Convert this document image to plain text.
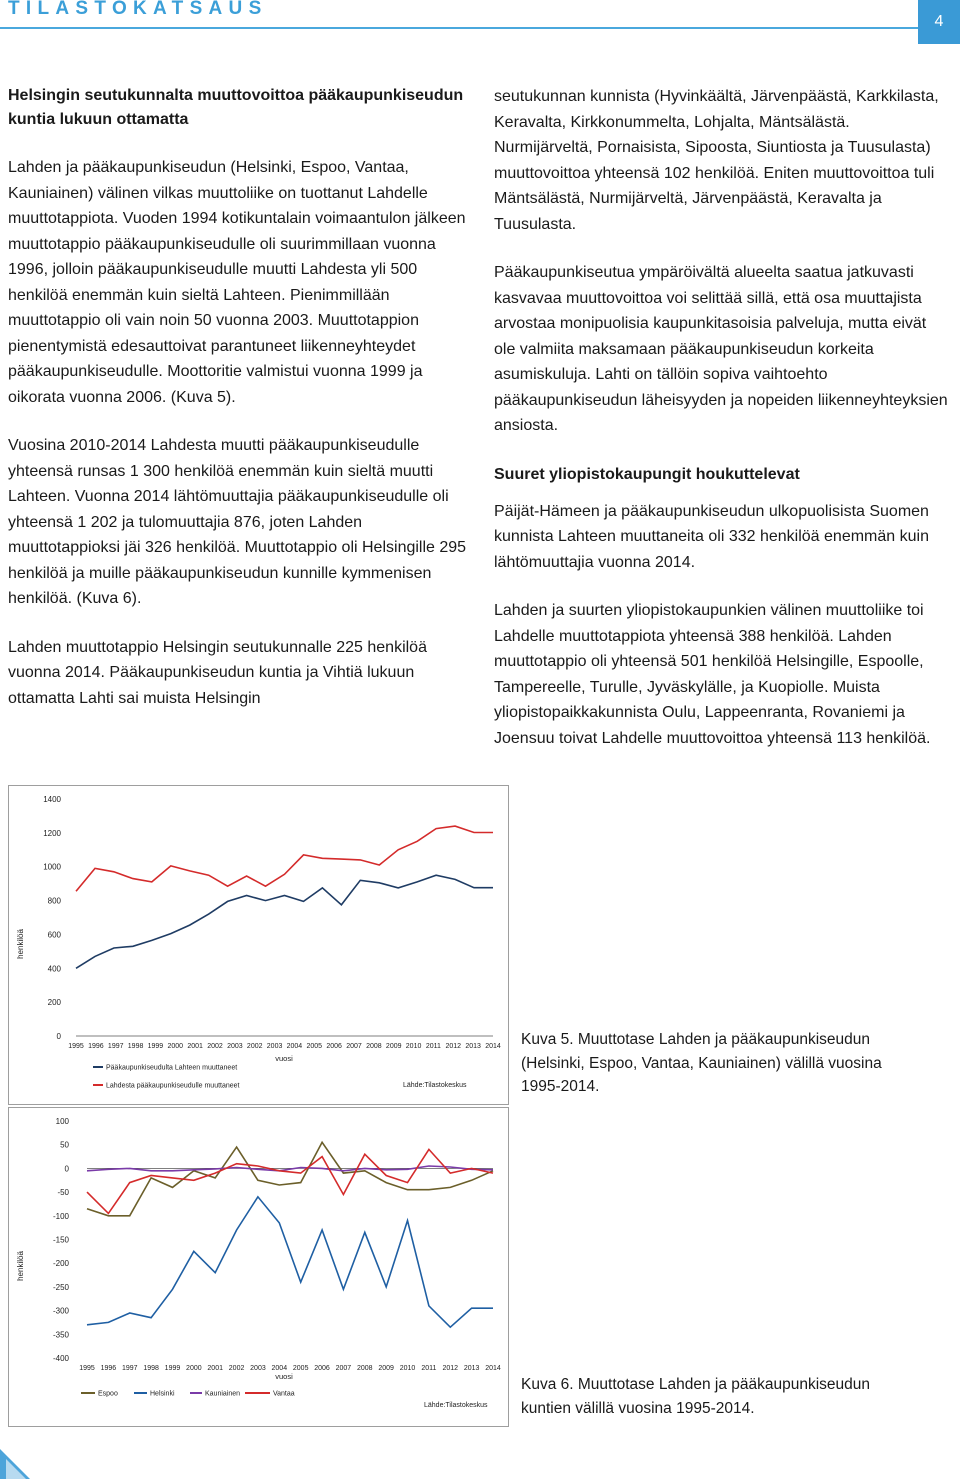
TILASTOKATSAUS
4
Helsingin seutukunnalta muuttovoittoa pääkaupunkiseudun kuntia lukuun ottamatta

Lahden ja pääkaupunkiseudun (Helsinki, Espoo, Vantaa, Kauniainen) välinen vilkas muuttoliike on tuottanut Lahdelle muuttotappiota. Vuoden 1994 kotikuntalain voimaantulon jälkeen muuttotappio pääkaupunkiseudulle oli suurimmillaan vuonna 1996, jolloin pääkaupunkiseudulle muutti Lahdesta yli 500 henkilöä enemmän kuin sieltä Lahteen. Pienimmillään muuttotappio oli vain noin 50 vuonna 2003. Muuttotappion pienentymistä edesauttoivat parantuneet liikenneyhteydet pääkaupunkiseudulle. Moottoritie valmistui vuonna 1999 ja oikorata vuonna 2006. (Kuva 5).

Vuosina 2010-2014 Lahdesta muutti pääkaupunkiseudulle yhteensä runsas 1 300 henkilöä enemmän kuin sieltä muutti Lahteen. Vuonna 2014 lähtömuuttajia pääkaupunkiseudulle oli yhteensä 1 202 ja tulomuuttajia 876, joten Lahden muuttotappioksi jäi 326 henkilöä. Muuttotappio oli Helsingille 295 henkilöä ja muille pääkaupunkiseudun kunnille kymmenisen henkilöä. (Kuva 6).

Lahden muuttotappio Helsingin seutukunnalle 225 henkilöä vuonna 2014. Pääkaupunkiseudun kuntia ja Vihtiä lukuun ottamatta Lahti sai muista Helsingin

seutukunnan kunnista (Hyvinkäältä, Järvenpäästä, Karkkilasta, Keravalta, Kirkkonummelta, Lohjalta, Mäntsälästä. Nurmijärveltä, Pornaisista, Sipoosta, Siuntiosta ja Tuusulasta) muuttovoittoa yhteensä 102 henkilöä. Eniten muuttovoittoa tuli Mäntsälästä, Nurmijärveltä, Järvenpäästä, Keravalta ja Tuusulasta.

Pääkaupunkiseutua ympäröivältä alueelta saatua jatkuvasti kasvavaa muuttovoittoa voi selittää sillä, että osa muuttajista arvostaa monipuolisia kaupunkitasoisia palveluja, mutta eivät ole valmiita maksamaan pääkaupunkiseudun korkeita asumiskuluja. Lahti on tällöin sopiva vaihtoehto pääkaupunkiseudun läheisyyden ja nopeiden liikenneyhteyksien ansiosta.

Suuret yliopistokaupungit houkuttelevat

Päijät-Hämeen ja pääkaupunkiseudun ulkopuolisista Suomen kunnista Lahteen muuttaneita oli 332 henkilöä enemmän kuin lähtömuuttajia vuonna 2014.

Lahden ja suurten yliopistokaupunkien välinen muuttoliike toi Lahdelle muuttotappiota yhteensä 388 henkilöä. Lahden muuttotappio oli yhteensä 501 henkilöä Helsingille, Espoolle, Tampereelle, Turulle, Jyväskylälle, ja Kuopiolle. Muista yliopistopaikkakunnista Oulu, Lappeenranta, Rovaniemi ja Joensuu toivat Lahdelle muuttovoittoa yhteensä 113 henkilöä.

0
200
400
600
800
1000
1200
1400
henkilöä
1995 1996 1997 1998 1999 2000 2001 2002 2003 2002 2003 2004 2005 2006 2007 2008 2009 2010 2011 2012 2013 2014
vuosi
Pääkaupunkiseudulta Lahteen muuttaneet
Lahdesta pääkaupunkiseudulle muuttaneet	Lähde:Tilastokeskus
Kuva 5. Muuttotase Lahden ja pääkaupunkiseudun (Helsinki, Espoo, Vantaa, Kauniainen) välillä vuosina 1995-2014.
-400
-350
-300
-250
-200
-150
-100
-50
0
50
100
henkilöä
1995 1996 1997 1998 1999 2000 2001 2002 2003 2004 2005 2006 2007 2008 2009 2010 2011 2012 2013 2014
vuosi
Espoo	Helsinki	Kauniainen	Vantaa
Lähde:Tilastokeskus
Kuva 6. Muuttotase Lahden ja pääkaupunkiseudun kuntien välillä vuosina 1995-2014.
